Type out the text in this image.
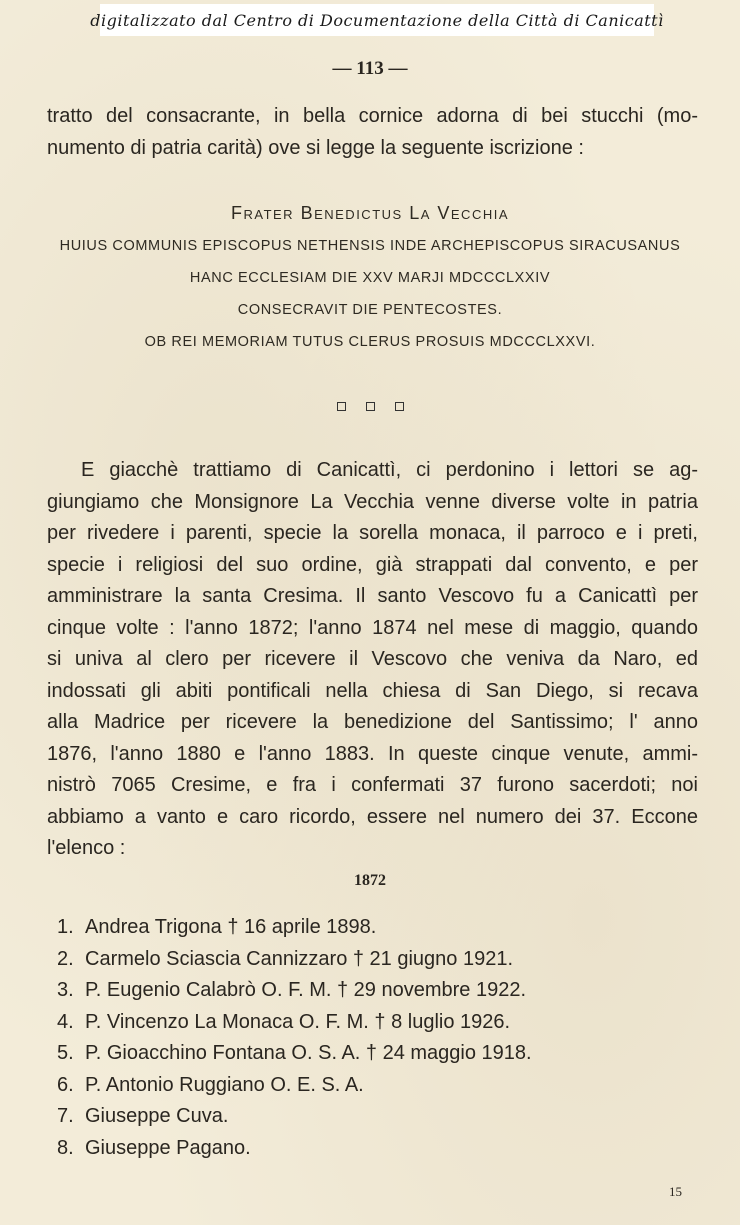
digitalizzato dal Centro di Documentazione della Città di Canicattì
— 113 —
tratto del consacrante, in bella cornice adorna di bei stucchi (mo-
numento di patria carità) ove si legge la seguente iscrizione :
Frater Benedictus La Vecchia
HUIUS COMMUNIS EPISCOPUS NETHENSIS INDE ARCHEPISCOPUS SIRACUSANUS
HANC ECCLESIAM DIE XXV MARJI MDCCCLXXIV
CONSECRAVIT DIE PENTECOSTES.
OB REI MEMORIAM TUTUS CLERUS PROSUIS MDCCCLXXVI.
E giacchè trattiamo di Canicattì, ci perdonino i lettori se ag-
giungiamo che Monsignore La Vecchia venne diverse volte in patria
per rivedere i parenti, specie la sorella monaca, il parroco e i preti,
specie i religiosi del suo ordine, già strappati dal convento, e per
amministrare la santa Cresima. Il santo Vescovo fu a Canicattì per
cinque volte : l'anno 1872; l'anno 1874 nel mese di maggio, quando
si univa al clero per ricevere il Vescovo che veniva da Naro, ed
indossati gli abiti pontificali nella chiesa di San Diego, si recava
alla Madrice per ricevere la benedizione del Santissimo; l' anno
1876, l'anno 1880 e l'anno 1883. In queste cinque venute, ammi-
nistrò 7065 Cresime, e fra i confermati 37 furono sacerdoti; noi
abbiamo a vanto e caro ricordo, essere nel numero dei 37. Eccone
l'elenco :
1872
1. Andrea Trigona † 16 aprile 1898.
2. Carmelo Sciascia Cannizzaro † 21 giugno 1921.
3. P. Eugenio Calabrò O. F. M. † 29 novembre 1922.
4. P. Vincenzo La Monaca O. F. M. † 8 luglio 1926.
5. P. Gioacchino Fontana O. S. A. † 24 maggio 1918.
6. P. Antonio Ruggiano O. E. S. A.
7. Giuseppe Cuva.
8. Giuseppe Pagano.
15
